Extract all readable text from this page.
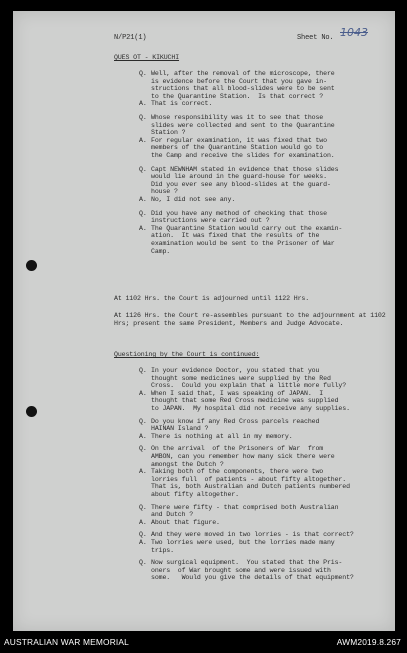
N/P21(1)	Sheet No. 1043
QUES OT - KIKUCHI
Q. Well, after the removal of the microscope, there
is evidence before the Court that you gave in-
structions that all blood-slides were to be sent
to the Quarantine Station.  Is that correct ?
A. That is correct.
Q. Whose responsibility was it to see that those
slides were collected and sent to the Quarantine
Station ?
A. For regular examination, it was fixed that two
members of the Quarantine Station would go to
the Camp and receive the slides for examination.
Q. Capt NEWNHAM stated in evidence that those slides
would lie around in the guard-house for weeks.
Did you ever see any blood-slides at the guard-
house ?
A. No, I did not see any.
Q. Did you have any method of checking that those
instructions were carried out ?
A. The Quarantine Station would carry out the examin-
ation.  It was fixed that the results of the
examination would be sent to the Prisoner of War
Camp.
At 1102 Hrs. the Court is adjourned until 1122 Hrs.
At 1126 Hrs. the Court re-assembles pursuant to the adjournment at 1102 Hrs; present the same President, Members and Judge Advocate.
Questioning by the Court is continued:
Q. In your evidence Doctor, you stated that you
thought some medicines were supplied by the Red
Cross.  Could you explain that a little more fully?
A. When I said that, I was speaking of JAPAN.  I
thought that some Red Cross medicine was supplied
to JAPAN.  My hospital did not receive any supplies.
Q. Do you know if any Red Cross parcels reached
HAINAN Island ?
A. There is nothing at all in my memory.
Q. On the arrival  of the Prisoners of War  from
AMBON, can you remember how many sick there were
amongst the Dutch ?
A. Taking both of the components, there were two
lorries full  of patients - about fifty altogether.
That is, both Australian and Dutch patients numbered
about fifty altogether.
Q. There were fifty - that comprised both Australian
and Dutch ?
A. About that figure.
Q. And they were moved in two lorries - is that correct?
A. Two lorries were used, but the lorries made many
trips.
Q. Now surgical equipment.  You stated that the Pris-
oners  of War brought some and were issued with
some.   Would you give the details of that equipment?
AUSTRALIAN WAR MEMORIAL	AWM2019.8.267
